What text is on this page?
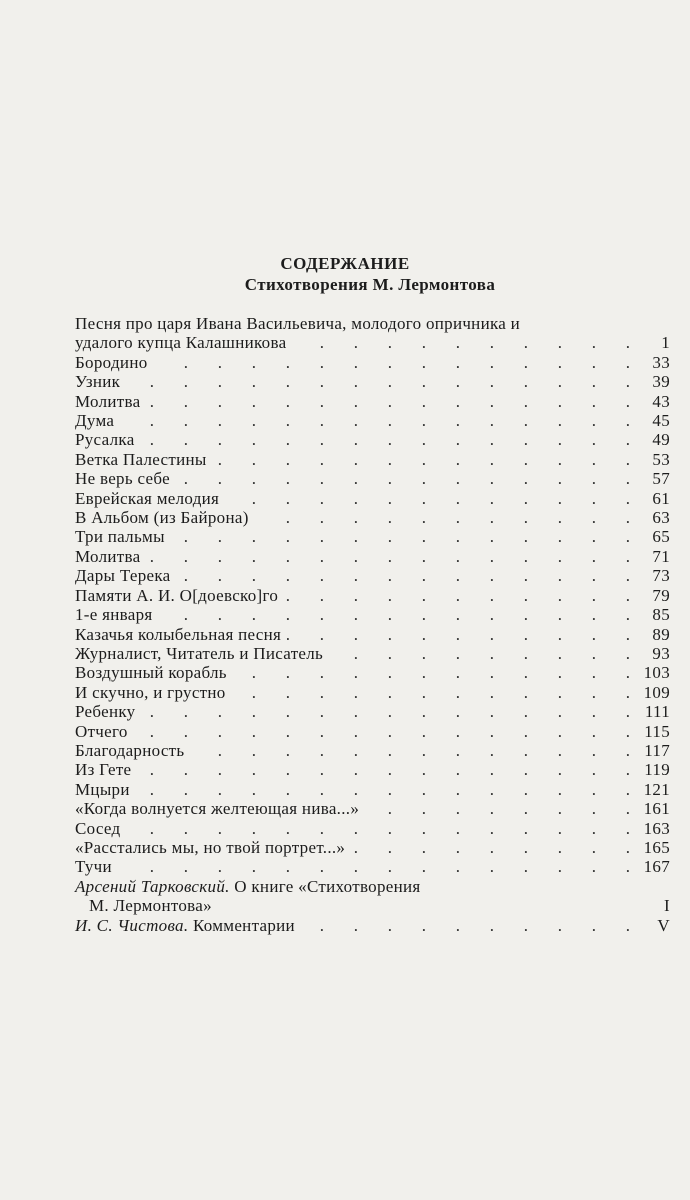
СОДЕРЖАНИЕ
Стихотворения М. Лермонтова
Песня про царя Ивана Васильевича, молодого опричника и
удалого купца Калашникова .	1
Бородино .	33
Узник .	39
Молитва .	43
Дума .	45
Русалка .	49
Ветка Палестины .	53
Не верь себе .	57
Еврейская мелодия .	61
В Альбом (из Байрона) .	63
Три пальмы .	65
Молитва .	71
Дары Терека .	73
Памяти А. И. О[доевско]го .	79
1-е января .	85
Казачья колыбельная песня .	89
Журналист, Читатель и Писатель .	93
Воздушный корабль .	103
И скучно, и грустно .	109
Ребенку .	111
Отчего .	115
Благодарность .	117
Из Гете .	119
Мцыри .	121
«Когда волнуется желтеющая нива...» .	161
Сосед .	163
«Расстались мы, но твой портрет...» .	165
Тучи .	167
Арсений Тарковский. О книге «Стихотворения
М. Лермонтова»	I
И. С. Чистова. Комментарии .	V
